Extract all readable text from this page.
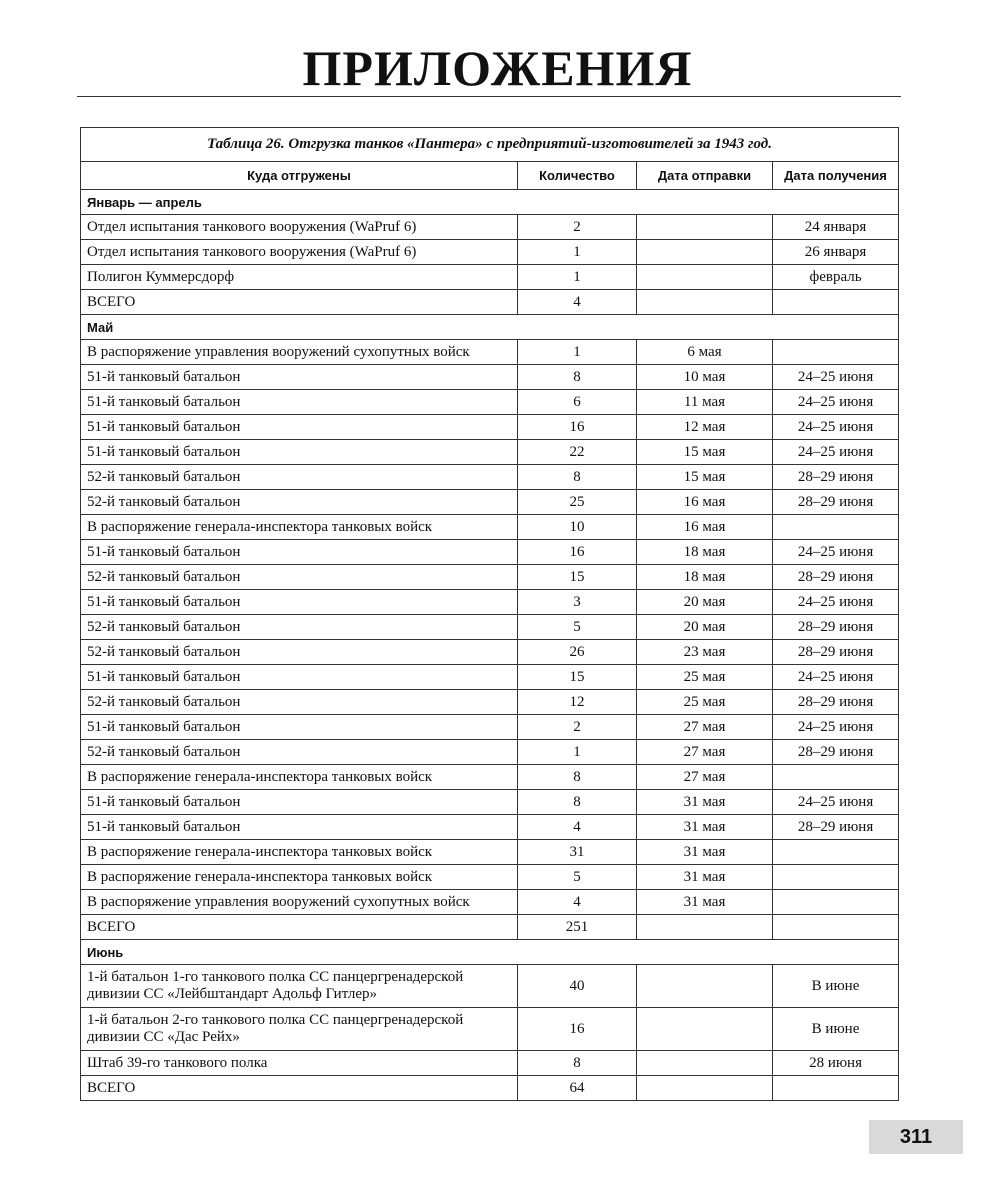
ПРИЛОЖЕНИЯ
Таблица 26. Отгрузка танков «Пантера» с предприятий-изготовителей за 1943 год.			
Куда отгружены	Количество	Дата отправки	Дата получения
Январь — апрель			
Отдел испытания танкового вооружения (WaPruf 6)	2		24 января
Отдел испытания танкового вооружения (WaPruf 6)	1		26 января
Полигон Куммерсдорф	1		февраль
ВСЕГО	4		
Май			
В распоряжение управления вооружений сухопутных войск	1	6 мая	
51-й танковый батальон	8	10 мая	24–25 июня
51-й танковый батальон	6	11 мая	24–25 июня
51-й танковый батальон	16	12 мая	24–25 июня
51-й танковый батальон	22	15 мая	24–25 июня
52-й танковый батальон	8	15 мая	28–29 июня
52-й танковый батальон	25	16 мая	28–29 июня
В распоряжение генерала-инспектора танковых войск	10	16 мая	
51-й танковый батальон	16	18 мая	24–25 июня
52-й танковый батальон	15	18 мая	28–29 июня
51-й танковый батальон	3	20 мая	24–25 июня
52-й танковый батальон	5	20 мая	28–29 июня
52-й танковый батальон	26	23 мая	28–29 июня
51-й танковый батальон	15	25 мая	24–25 июня
52-й танковый батальон	12	25 мая	28–29 июня
51-й танковый батальон	2	27 мая	24–25 июня
52-й танковый батальон	1	27 мая	28–29 июня
В распоряжение генерала-инспектора танковых войск	8	27 мая	
51-й танковый батальон	8	31 мая	24–25 июня
51-й танковый батальон	4	31 мая	28–29 июня
В распоряжение генерала-инспектора танковых войск	31	31 мая	
В распоряжение генерала-инспектора танковых войск	5	31 мая	
В распоряжение управления вооружений сухопутных войск	4	31 мая	
ВСЕГО	251		
Июнь			
1-й батальон 1-го танкового полка СС панцергренадерской дивизии СС «Лейбштандарт Адольф Гитлер»	40		В июне
1-й батальон 2-го танкового полка СС панцергренадерской дивизии СС «Дас Рейх»	16		В июне
Штаб 39-го танкового полка	8		28 июня
ВСЕГО	64		
311
